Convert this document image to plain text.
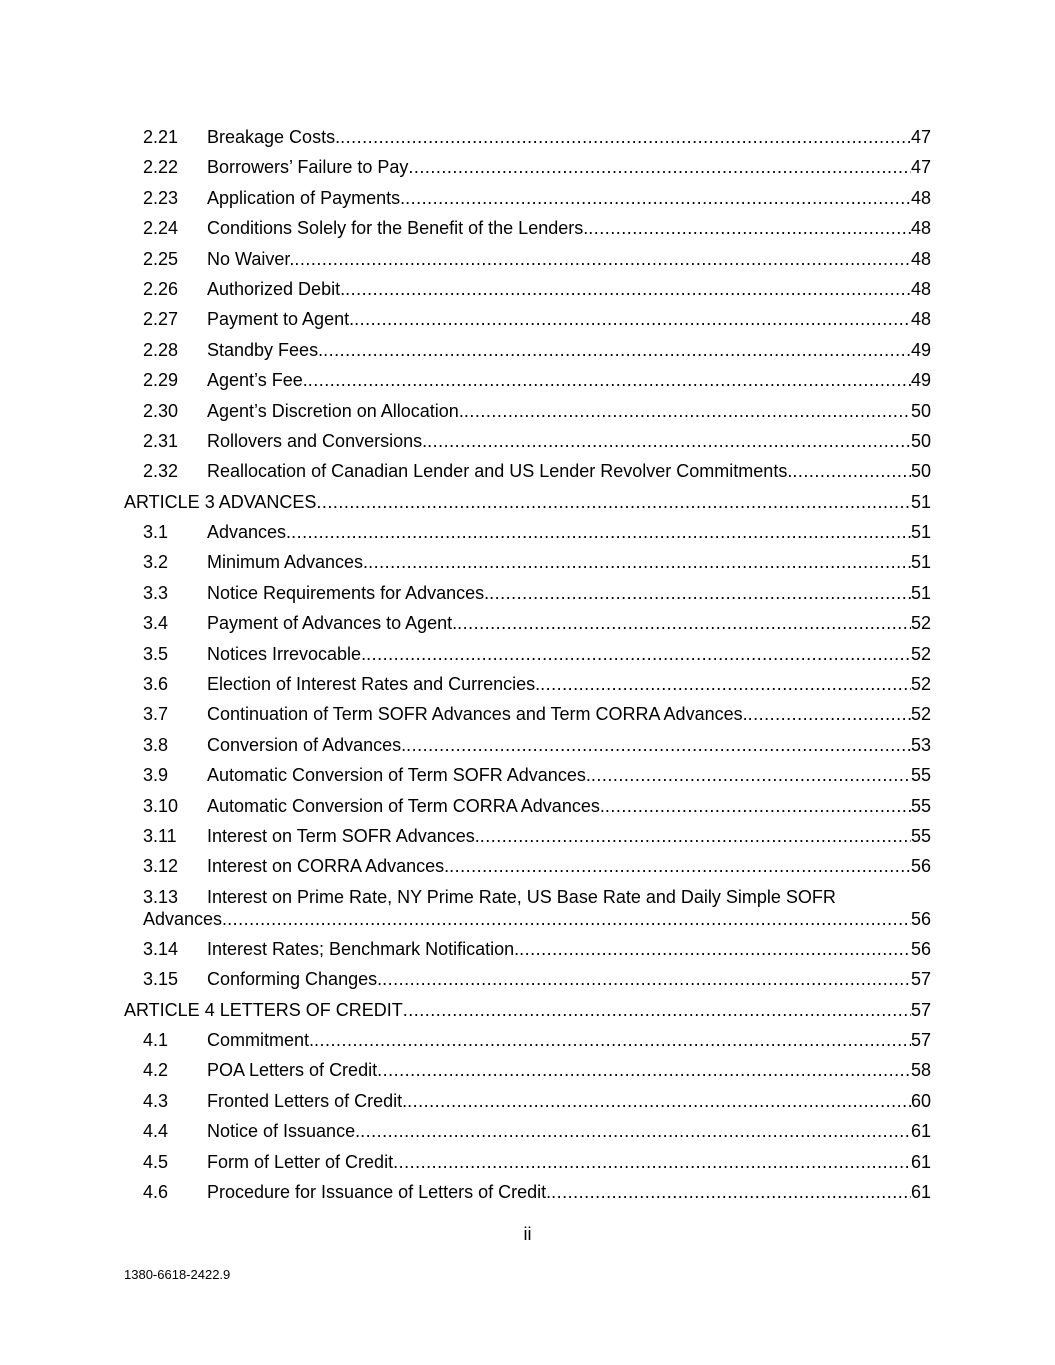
2.21 Breakage Costs. .....	47
2.22 Borrowers’ Failure to Pay .....	47
2.23 Application of Payments. .....	48
2.24 Conditions Solely for the Benefit of the Lenders. .....	48
2.25 No Waiver. .....	48
2.26 Authorized Debit. .....	48
2.27 Payment to Agent. .....	48
2.28 Standby Fees. .....	49
2.29 Agent’s Fee. .....	49
2.30 Agent’s Discretion on Allocation. .....	50
2.31 Rollovers and Conversions. .....	50
2.32 Reallocation of Canadian Lender and US Lender Revolver Commitments. .....	50
ARTICLE 3 ADVANCES .....	51
3.1 Advances. .....	51
3.2 Minimum Advances. .....	51
3.3 Notice Requirements for Advances. .....	51
3.4 Payment of Advances to Agent. .....	52
3.5 Notices Irrevocable. .....	52
3.6 Election of Interest Rates and Currencies. .....	52
3.7 Continuation of Term SOFR Advances and Term CORRA Advances. .....	52
3.8 Conversion of Advances. .....	53
3.9 Automatic Conversion of Term SOFR Advances. .....	55
3.10 Automatic Conversion of Term CORRA Advances. .....	55
3.11 Interest on Term SOFR Advances. .....	55
3.12 Interest on CORRA Advances. .....	56
3.13	Interest on Prime Rate, NY Prime Rate, US Base Rate and Daily Simple SOFR
Advances. .....	56
3.14 Interest Rates; Benchmark Notification. .....	56
3.15 Conforming Changes. .....	57
ARTICLE 4 LETTERS OF CREDIT .....	57
4.1 Commitment. .....	57
4.2 POA Letters of Credit .....	58
4.3 Fronted Letters of Credit. .....	60
4.4 Notice of Issuance. .....	61
4.5 Form of Letter of Credit .....	61
4.6 Procedure for Issuance of Letters of Credit. .....	61
ii
1380-6618-2422.9
